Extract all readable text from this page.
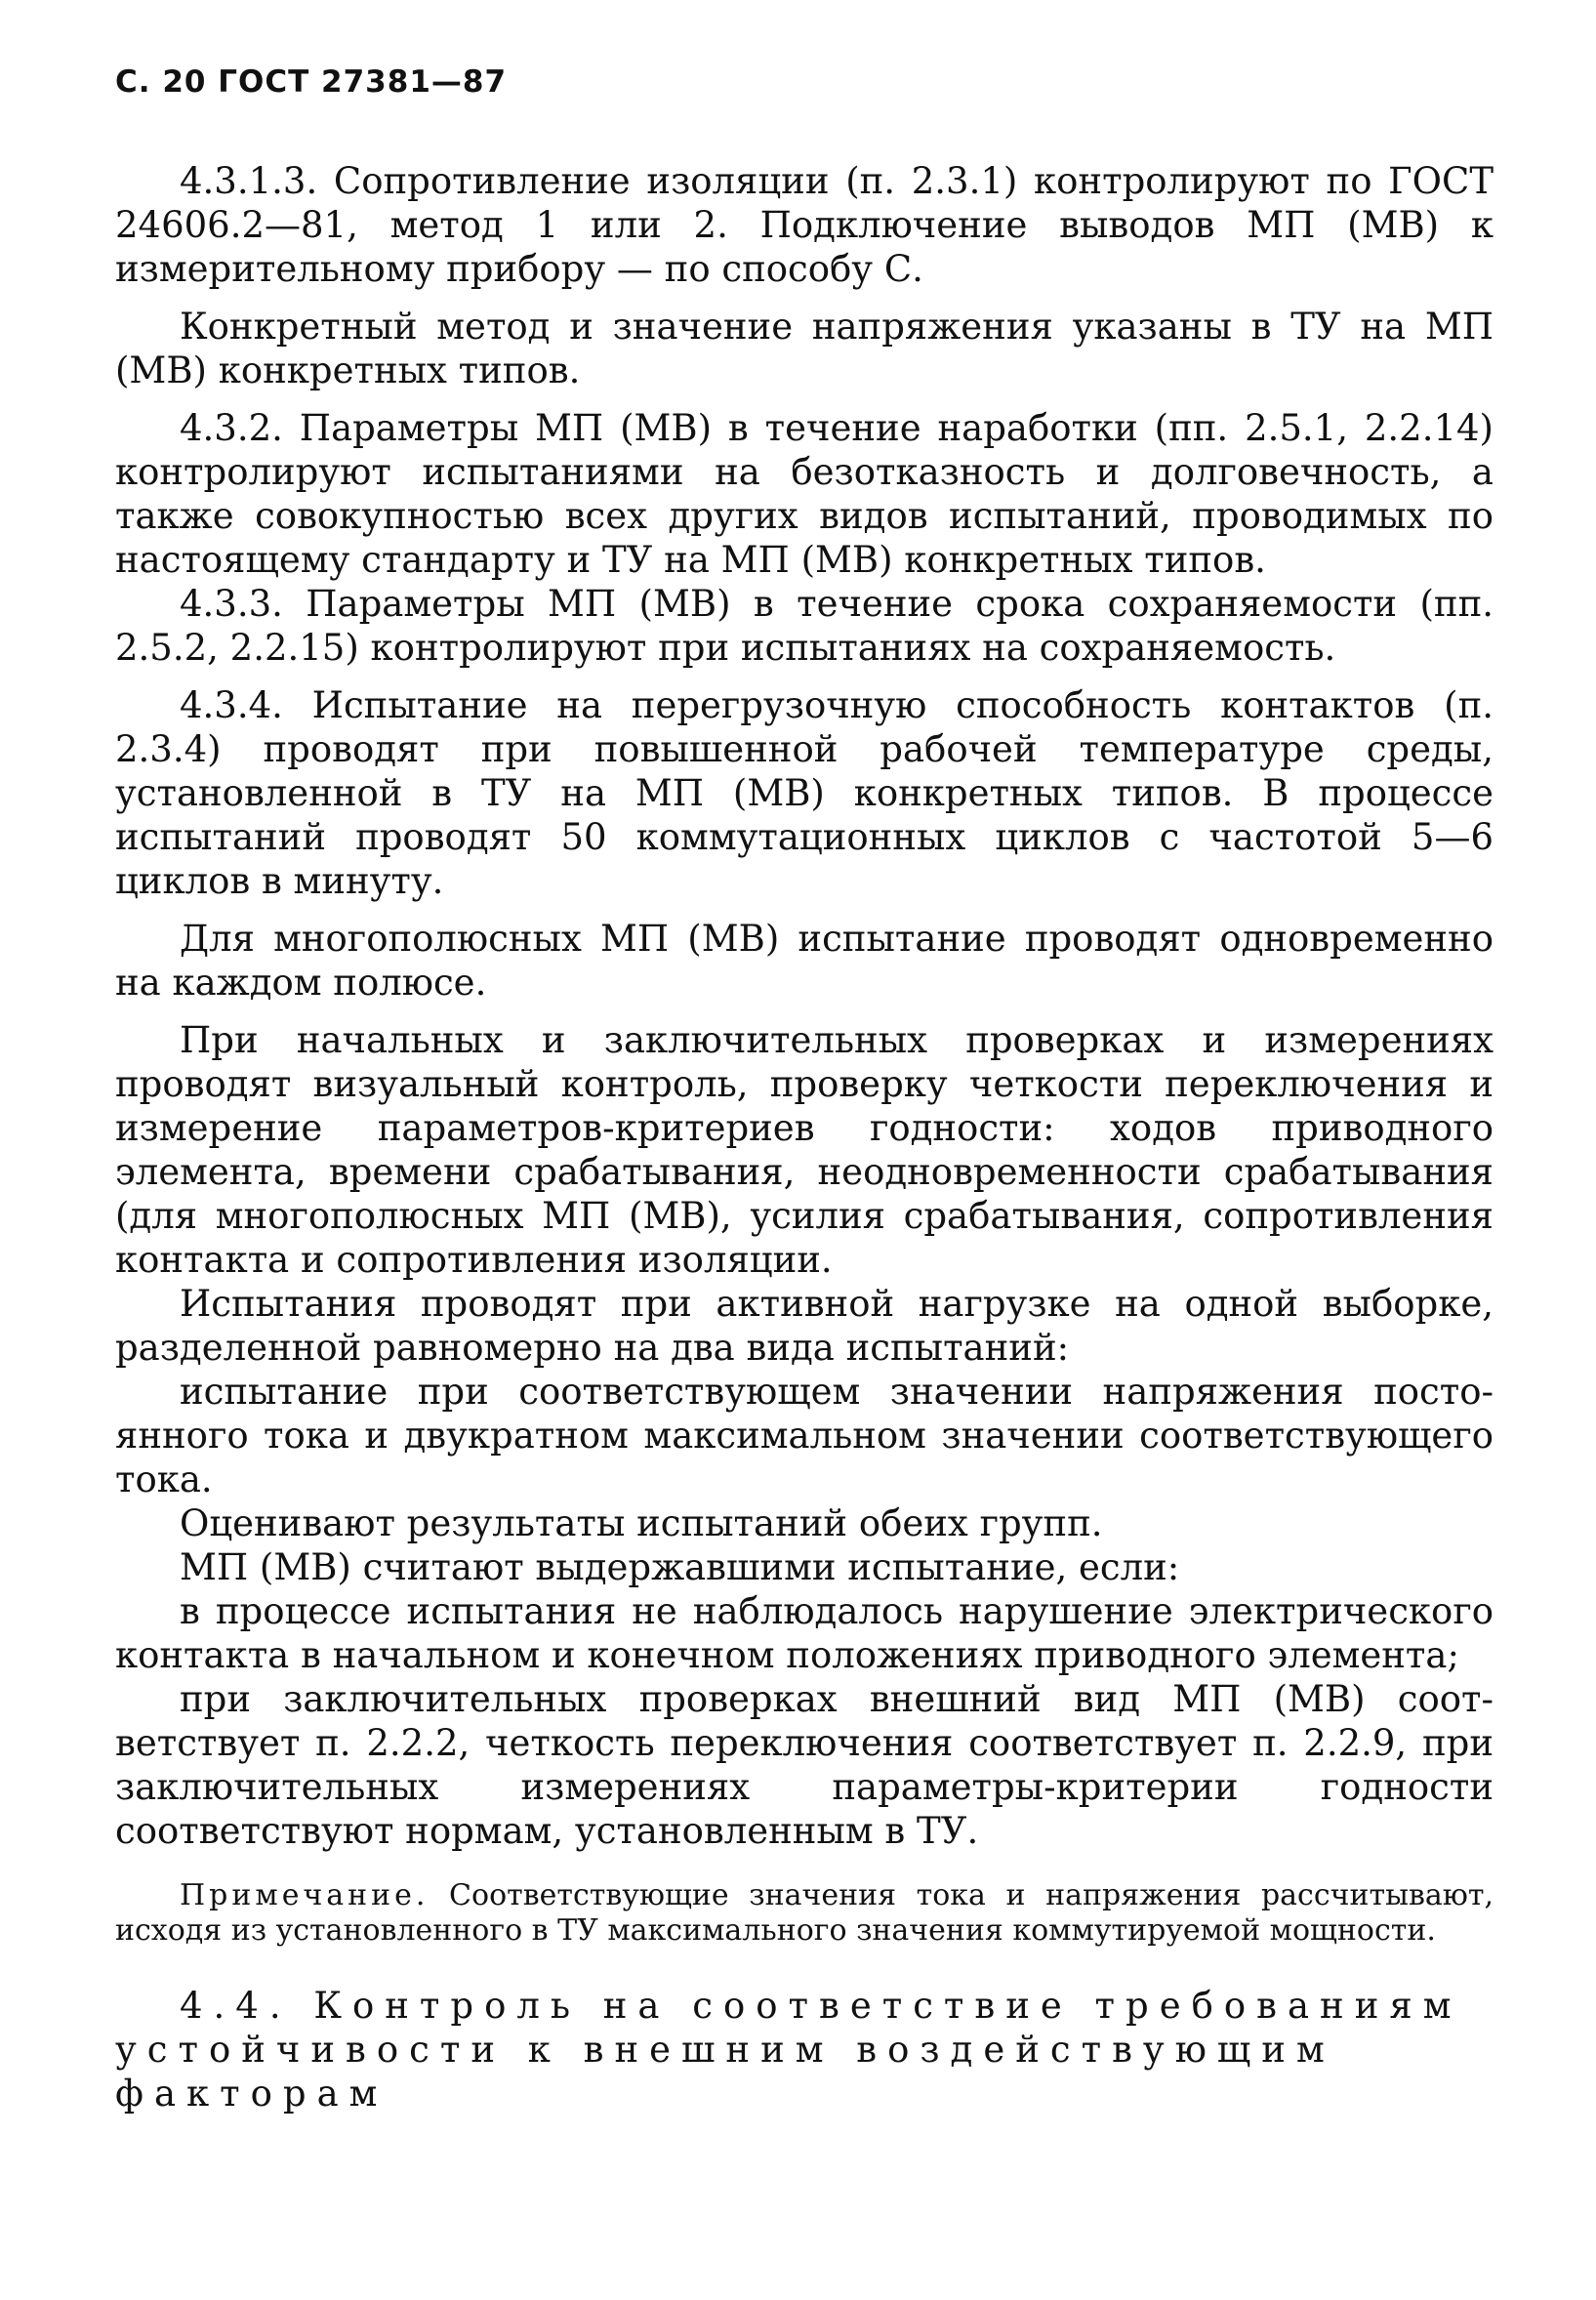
С. 20 ГОСТ 27381—87

4.3.1.3. Сопротивление изоляции (п. 2.3.1) контролируют по ГОСТ 24606.2—81, метод 1 или 2. Подключение выводов МП (МВ) к измерительному прибору — по способу С.

Конкретный метод и значение напряжения указаны в ТУ на МП (МВ) конкретных типов.

4.3.2. Параметры МП (МВ) в течение наработки (пп. 2.5.1, 2.2.14) контролируют испытаниями на безотказность и долговечность, а также совокупностью всех других видов испытаний, проводимых по настоящему стандарту и ТУ на МП (МВ) конкретных типов.

4.3.3. Параметры МП (МВ) в течение срока сохраняемости (пп. 2.5.2, 2.2.15) контролируют при испытаниях на сохраняемость.

4.3.4. Испытание на перегрузочную способность контактов (п. 2.3.4) проводят при повышенной рабочей температуре среды, установленной в ТУ на МП (МВ) конкретных типов. В процессе испытаний проводят 50 коммутационных циклов с частотой 5—6 циклов в минуту.

Для многополюсных МП (МВ) испытание проводят одновременно на каждом полюсе.

При начальных и заключительных проверках и измерениях проводят визуальный контроль, проверку четкости переключения и измерение параметров-критериев годности: ходов приводного элемента, времени срабатывания, неодновременности срабатывания (для многополюсных МП (МВ), усилия срабатывания, сопротивления контакта и сопротивления изоляции.

Испытания проводят при активной нагрузке на одной выборке, разделенной равномерно на два вида испытаний:

испытание при соответствующем значении напряжения постоянного тока и двукратном максимальном значении соответствующего тока.

Оценивают результаты испытаний обеих групп.

МП (МВ) считают выдержавшими испытание, если:

в процессе испытания не наблюдалось нарушение электрического контакта в начальном и конечном положениях приводного элемента;

при заключительных проверках внешний вид МП (МВ) соответствует п. 2.2.2, четкость переключения соответствует п. 2.2.9, при заключительных измерениях параметры-критерии годности соответствуют нормам, установленным в ТУ.

Примечание. Соответствующие значения тока и напряжения рассчитывают, исходя из установленного в ТУ максимального значения коммутируемой мощности.

4.4. Контроль на соответствие требованиям устойчивости к внешним воздействующим факторам
